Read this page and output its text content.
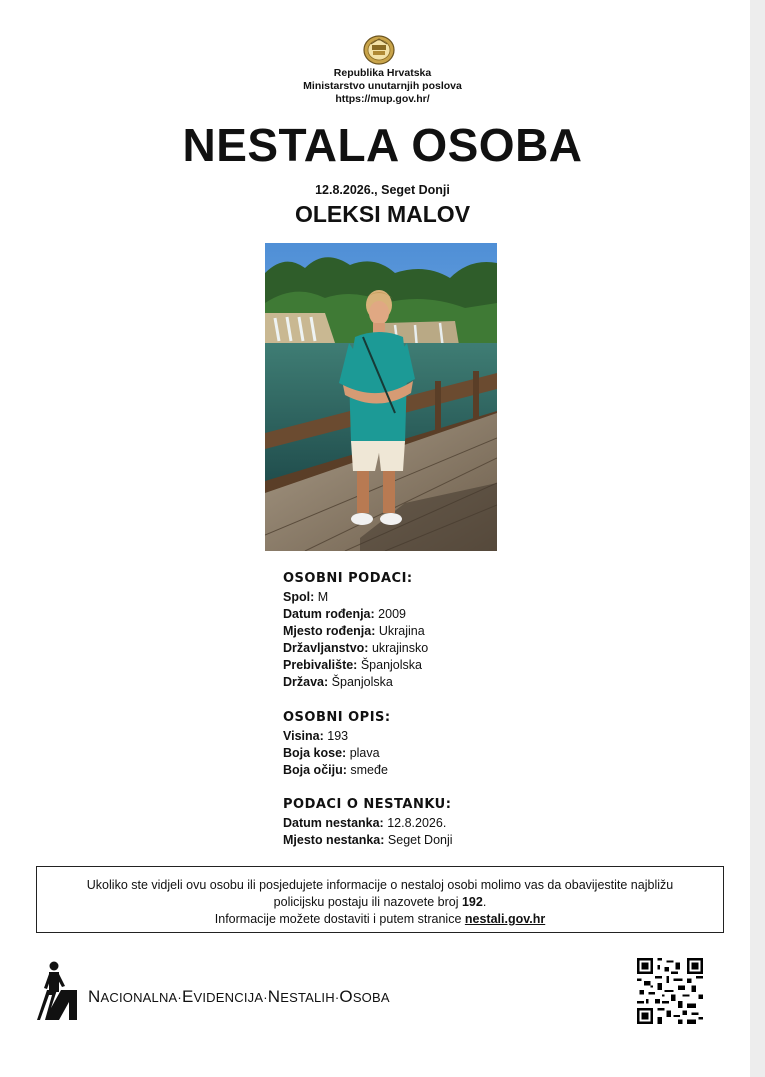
Republika Hrvatska
Ministarstvo unutarnjih poslova
https://mup.gov.hr/
NESTALA OSOBA
12.8.2026., Seget Donji
OLEKSI MALOV
OSOBNI PODACI:
Spol: M
Datum rođenja: 2009
Mjesto rođenja: Ukrajina
Državljanstvo: ukrajinsko
Prebivalište: Španjolska
Država: Španjolska
OSOBNI OPIS:
Visina: 193
Boja kose: plava
Boja očiju: smeđe
PODACI O NESTANKU:
Datum nestanka: 12.8.2026.
Mjesto nestanka: Seget Donji
Ukoliko ste vidjeli ovu osobu ili posjedujete informacije o nestaloj osobi molimo vas da obavijestite najbližu
policijsku postaju ili nazovete broj 192.
Informacije možete dostaviti i putem stranice nestali.gov.hr
NACIONALNA·EVIDENCIJA·NESTALIH·OSOBA
